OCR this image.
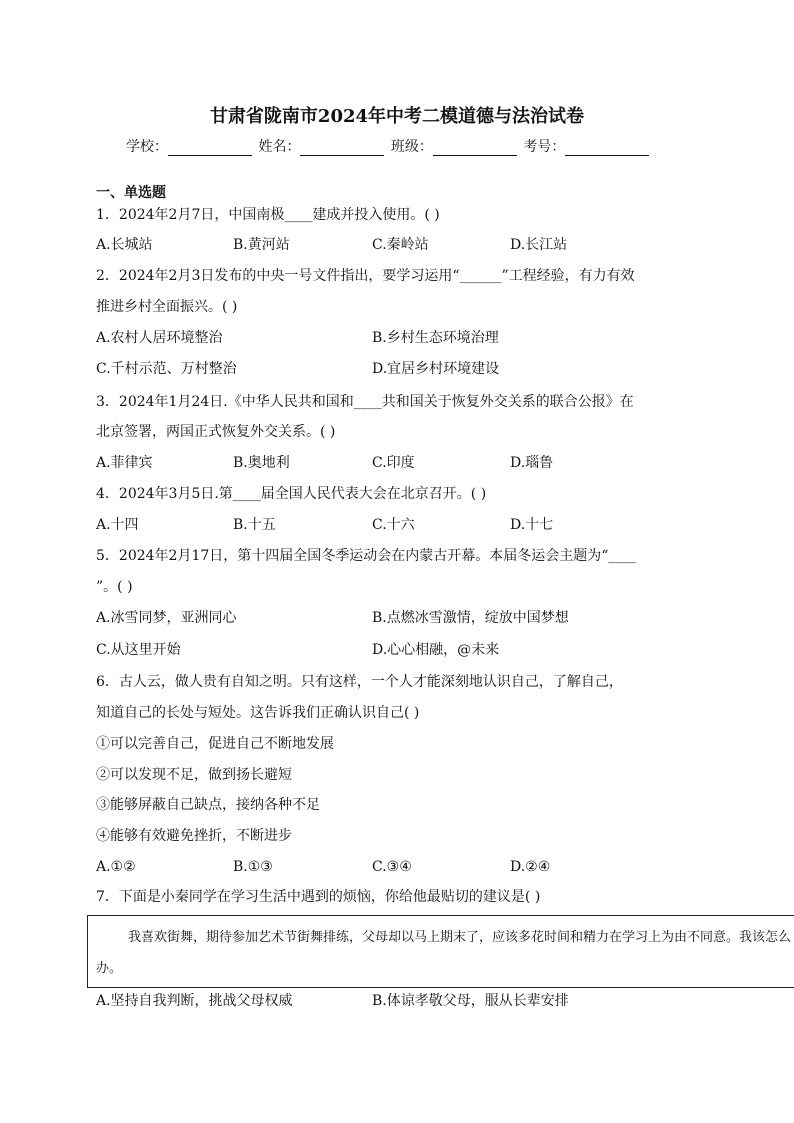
甘肃省陇南市2024年中考二模道德与法治试卷
学校：	姓名：	班级：	考号：
一、单选题
1．2024年2月7日，中国南极____建成并投入使用。( )
A.长城站	B.黄河站	C.秦岭站	D.长江站
2．2024年2月3日发布的中央一号文件指出，要学习运用“______”工程经验，有力有效
推进乡村全面振兴。( )
A.农村人居环境整治	B.乡村生态环境治理
C.千村示范、万村整治	D.宜居乡村环境建设
3．2024年1月24日.《中华人民共和国和____共和国关于恢复外交关系的联合公报》在
北京签署，两国正式恢复外交关系。( )
A.菲律宾	B.奥地利	C.印度	D.瑙鲁
4．2024年3月5日.第____届全国人民代表大会在北京召开。( )
A.十四	B.十五	C.十六	D.十七
5．2024年2月17日，第十四届全国冬季运动会在内蒙古开幕。本届冬运会主题为“____
”。( )
A.冰雪同梦，亚洲同心	B.点燃冰雪激情，绽放中国梦想
C.从这里开始	D.心心相融，@未来
6．古人云，做人贵有自知之明。只有这样，一个人才能深刻地认识自己，了解自己，
知道自己的长处与短处。这告诉我们正确认识自己( )
①可以完善自己，促进自己不断地发展
②可以发现不足，做到扬长避短
③能够屏蔽自己缺点，接纳各种不足
④能够有效避免挫折，不断进步
A.①②	B.①③	C.③④	D.②④
7．下面是小秦同学在学习生活中遇到的烦恼，你给他最贴切的建议是( )
我喜欢街舞，期待参加艺术节街舞排练，父母却以马上期末了，应该多花时间和精力在学习上为由不同意。我该怎么
办。
A.坚持自我判断，挑战父母权威	B.体谅孝敬父母，服从长辈安排
